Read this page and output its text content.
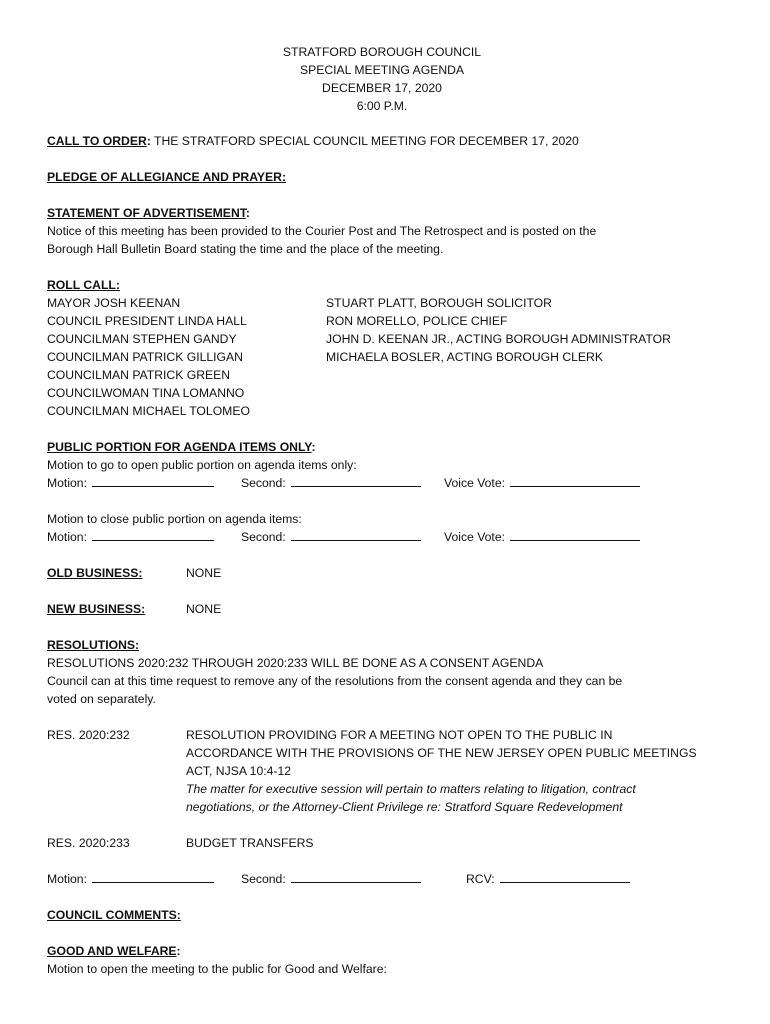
STRATFORD BOROUGH COUNCIL
SPECIAL MEETING AGENDA
DECEMBER 17, 2020
6:00 P.M.
CALL TO ORDER: THE STRATFORD SPECIAL COUNCIL MEETING FOR DECEMBER 17, 2020
PLEDGE OF ALLEGIANCE AND PRAYER:
STATEMENT OF ADVERTISEMENT:
Notice of this meeting has been provided to the Courier Post and The Retrospect and is posted on the
Borough Hall Bulletin Board stating the time and the place of the meeting.
ROLL CALL:
MAYOR JOSH KEENAN
COUNCIL PRESIDENT LINDA HALL
COUNCILMAN STEPHEN GANDY
COUNCILMAN PATRICK GILLIGAN
COUNCILMAN PATRICK GREEN
COUNCILWOMAN TINA LOMANNO
COUNCILMAN MICHAEL TOLOMEO
STUART PLATT, BOROUGH SOLICITOR
RON MORELLO, POLICE CHIEF
JOHN D. KEENAN JR., ACTING BOROUGH ADMINISTRATOR
MICHAELA BOSLER, ACTING BOROUGH CLERK
PUBLIC PORTION FOR AGENDA ITEMS ONLY:
Motion to go to open public portion on agenda items only:
Motion:	Second:	Voice Vote:
Motion to close public portion on agenda items:
Motion:	Second:	Voice Vote:
OLD BUSINESS:	NONE
NEW BUSINESS:	NONE
RESOLUTIONS:
RESOLUTIONS 2020:232 THROUGH 2020:233 WILL BE DONE AS A CONSENT AGENDA
Council can at this time request to remove any of the resolutions from the consent agenda and they can be
voted on separately.
RES. 2020:232	RESOLUTION PROVIDING FOR A MEETING NOT OPEN TO THE PUBLIC IN
ACCORDANCE WITH THE PROVISIONS OF THE NEW JERSEY OPEN PUBLIC MEETINGS
ACT, NJSA 10:4-12
The matter for executive session will pertain to matters relating to litigation, contract
negotiations, or the Attorney-Client Privilege re: Stratford Square Redevelopment
RES. 2020:233	BUDGET TRANSFERS
Motion:	Second:	RCV:
COUNCIL COMMENTS:
GOOD AND WELFARE:
Motion to open the meeting to the public for Good and Welfare:
